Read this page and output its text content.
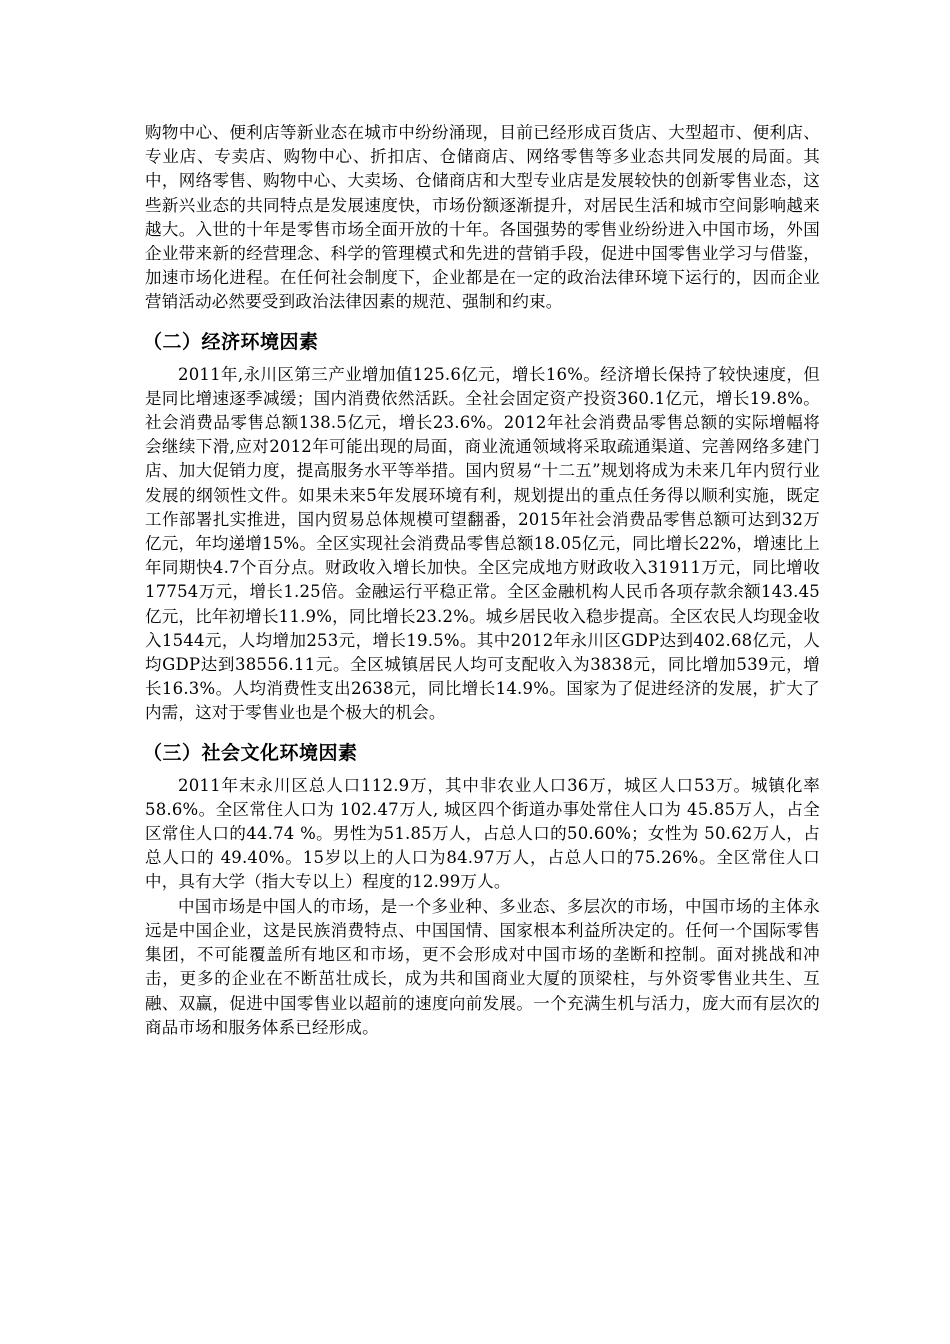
购物中心、便利店等新业态在城市中纷纷涌现，目前已经形成百货店、大型超市、便利店、专业店、专卖店、购物中心、折扣店、仓储商店、网络零售等多业态共同发展的局面。其中，网络零售、购物中心、大卖场、仓储商店和大型专业店是发展较快的创新零售业态，这些新兴业态的共同特点是发展速度快，市场份额逐渐提升，对居民生活和城市空间影响越来越大。入世的十年是零售市场全面开放的十年。各国强势的零售业纷纷进入中国市场，外国企业带来新的经营理念、科学的管理模式和先进的营销手段，促进中国零售业学习与借鉴，加速市场化进程。在任何社会制度下，企业都是在一定的政治法律环境下运行的，因而企业营销活动必然要受到政治法律因素的规范、强制和约束。

（二）经济环境因素

2011年,永川区第三产业增加值125.6亿元，增长16%。经济增长保持了较快速度，但是同比增速逐季减缓；国内消费依然活跃。全社会固定资产投资360.1亿元，增长19.8%。社会消费品零售总额138.5亿元，增长23.6%。2012年社会消费品零售总额的实际增幅将会继续下滑,应对2012年可能出现的局面，商业流通领域将采取疏通渠道、完善网络多建门店、加大促销力度，提高服务水平等举措。国内贸易“十二五”规划将成为未来几年内贸行业发展的纲领性文件。如果未来5年发展环境有利，规划提出的重点任务得以顺利实施，既定工作部署扎实推进，国内贸易总体规模可望翻番，2015年社会消费品零售总额可达到32万亿元，年均递增15%。全区实现社会消费品零售总额18.05亿元，同比增长22%，增速比上年同期快4.7个百分点。财政收入增长加快。全区完成地方财政收入31911万元，同比增收17754万元，增长1.25倍。金融运行平稳正常。全区金融机构人民币各项存款余额143.45亿元，比年初增长11.9%，同比增长23.2%。城乡居民收入稳步提高。全区农民人均现金收入1544元，人均增加253元，增长19.5%。其中2012年永川区GDP达到402.68亿元，人均GDP达到38556.11元。全区城镇居民人均可支配收入为3838元，同比增加539元，增长16.3%。人均消费性支出2638元，同比增长14.9%。国家为了促进经济的发展，扩大了内需，这对于零售业也是个极大的机会。

（三）社会文化环境因素

2011年末永川区总人口112.9万，其中非农业人口36万，城区人口53万。城镇化率58.6%。全区常住人口为 102.47万人, 城区四个街道办事处常住人口为 45.85万人，占全区常住人口的44.74 %。男性为51.85万人，占总人口的50.60%；女性为 50.62万人，占总人口的 49.40%。15岁以上的人口为84.97万人，占总人口的75.26%。全区常住人口中，具有大学（指大专以上）程度的12.99万人。

中国市场是中国人的市场，是一个多业种、多业态、多层次的市场，中国市场的主体永远是中国企业，这是民族消费特点、中国国情、国家根本利益所决定的。任何一个国际零售集团，不可能覆盖所有地区和市场，更不会形成对中国市场的垄断和控制。面对挑战和冲击，更多的企业在不断茁壮成长，成为共和国商业大厦的顶梁柱，与外资零售业共生、互融、双赢，促进中国零售业以超前的速度向前发展。一个充满生机与活力，庞大而有层次的商品市场和服务体系已经形成。
